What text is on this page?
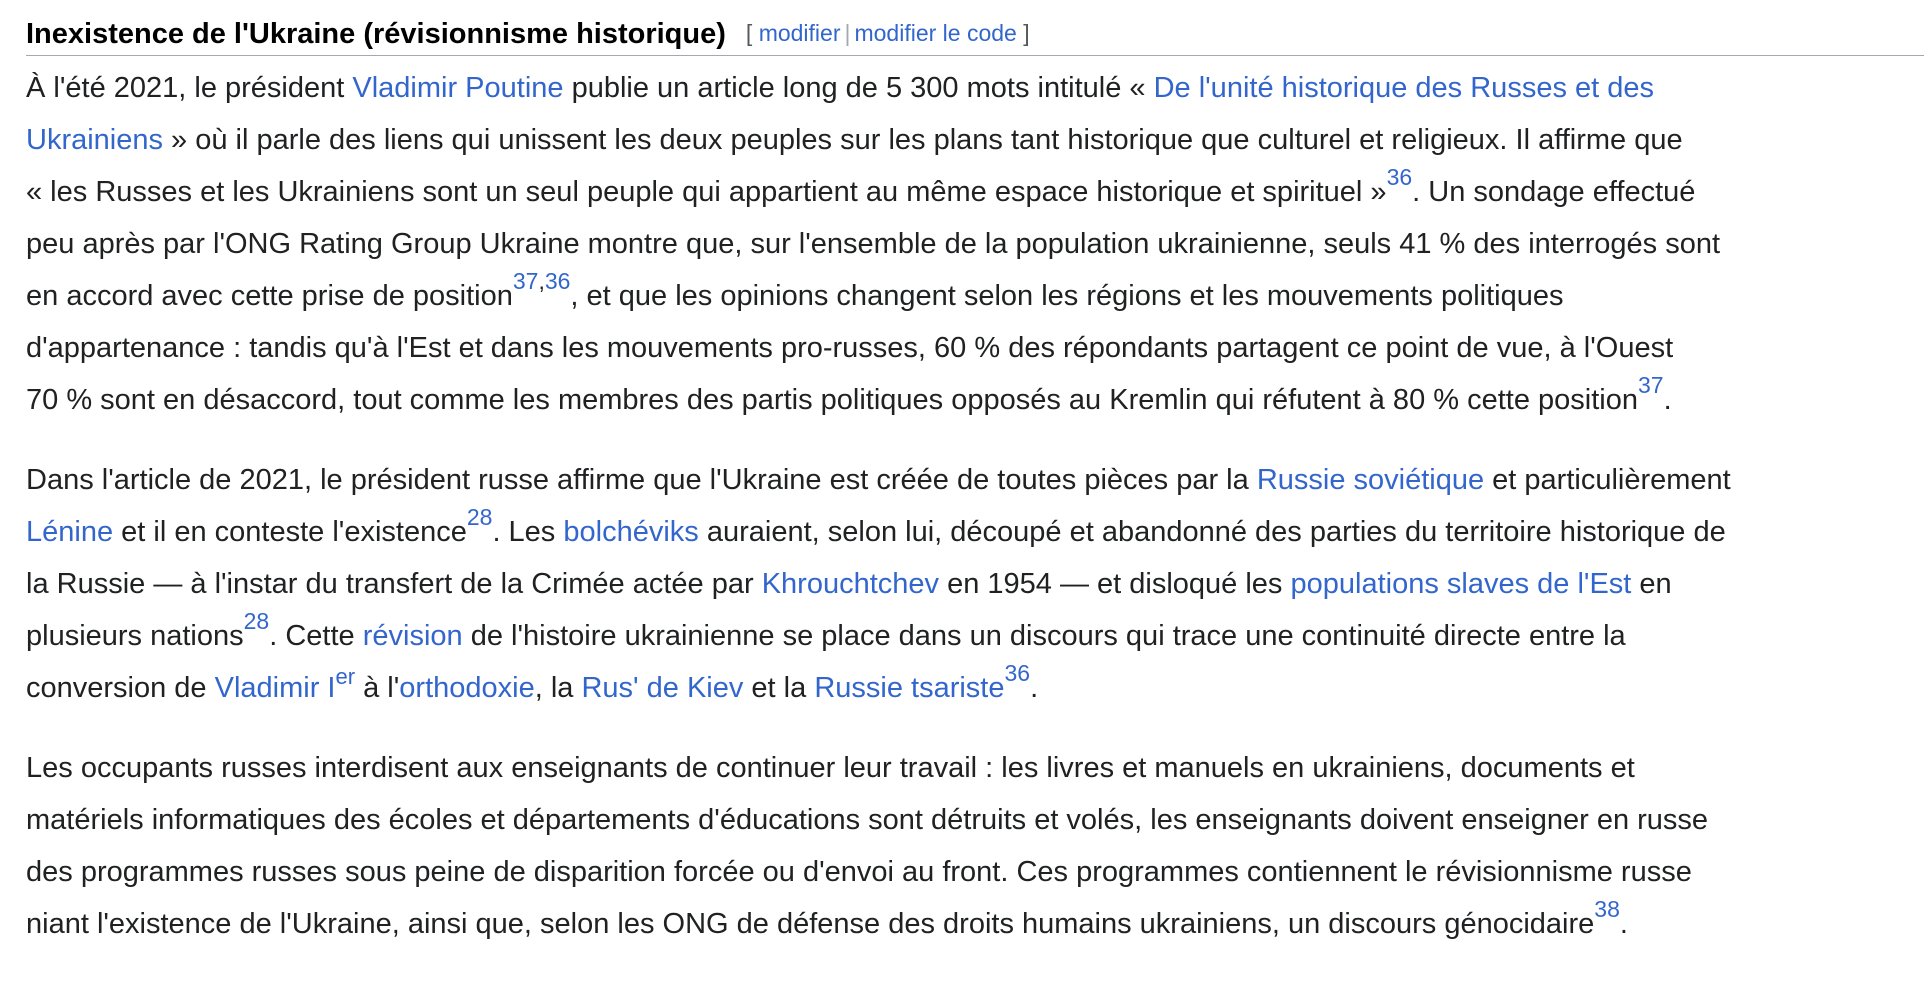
Inexistence de l'Ukraine (révisionnisme historique) [ modifier | modifier le code ]

À l'été 2021, le président Vladimir Poutine publie un article long de 5 300 mots intitulé « De l'unité historique des Russes et des
Ukrainiens » où il parle des liens qui unissent les deux peuples sur les plans tant historique que culturel et religieux. Il affirme que
« les Russes et les Ukrainiens sont un seul peuple qui appartient au même espace historique et spirituel »$^{36}$. Un sondage effectué
peu après par l'ONG Rating Group Ukraine montre que, sur l'ensemble de la population ukrainienne, seuls 41 % des interrogés sont
en accord avec cette prise de position$^{37,36}$, et que les opinions changent selon les régions et les mouvements politiques
d'appartenance : tandis qu'à l'Est et dans les mouvements pro-russes, 60 % des répondants partagent ce point de vue, à l'Ouest
70 % sont en désaccord, tout comme les membres des partis politiques opposés au Kremlin qui réfutent à 80 % cette position$^{37}$.

Dans l'article de 2021, le président russe affirme que l'Ukraine est créée de toutes pièces par la Russie soviétique et particulièrement
Lénine et il en conteste l'existence$^{28}$. Les bolchéviks auraient, selon lui, découpé et abandonné des parties du territoire historique de
la Russie — à l'instar du transfert de la Crimée actée par Khrouchtchev en 1954 — et disloqué les populations slaves de l'Est en
plusieurs nations$^{28}$. Cette révision de l'histoire ukrainienne se place dans un discours qui trace une continuité directe entre la
conversion de Vladimir Ier à l'orthodoxie, la Rus' de Kiev et la Russie tsariste$^{36}$.

Les occupants russes interdisent aux enseignants de continuer leur travail : les livres et manuels en ukrainiens, documents et
matériels informatiques des écoles et départements d'éducations sont détruits et volés, les enseignants doivent enseigner en russe
des programmes russes sous peine de disparition forcée ou d'envoi au front. Ces programmes contiennent le révisionnisme russe
niant l'existence de l'Ukraine, ainsi que, selon les ONG de défense des droits humains ukrainiens, un discours génocidaire$^{38}$.
